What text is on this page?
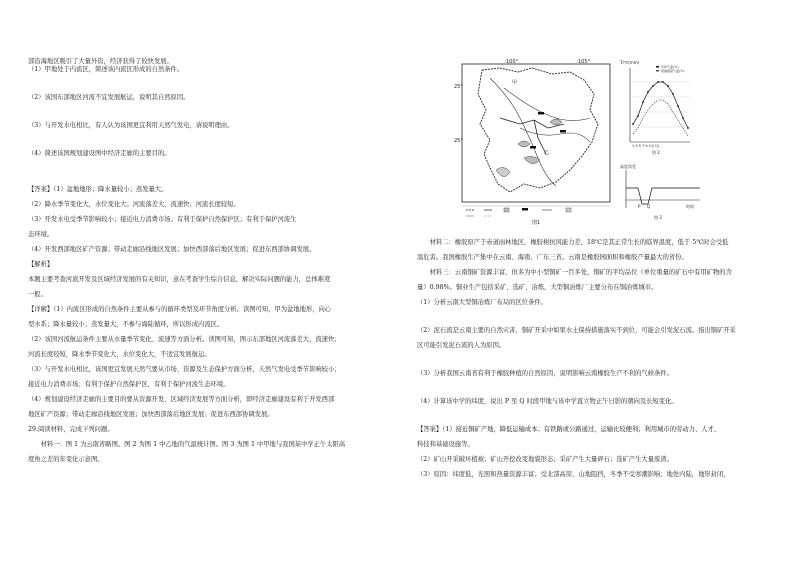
部沿海地区吸引了大量外资，经济获得了较快发展。

（1）甲地处于内流区，简述该内流区形成的自然条件。

（2）该国东部地区河流不宜发展航运，说明其自然原因。

（3）与开发水电相比，有人认为该国更宜利用天然气发电，请说明理由。

（4）简述该国规划建设图中经济走廊的主要目的。

【答案】（1）盆地地形；降水量较小；蒸发量大。

（2）降水季节变化大，水位变化大；河流落差大，流速快；河流长度较短。

（3）开发水电受季节影响较小；接近电力消费市场；有利于保护自然保护区；有利于保护河流生

态环境。

（4）开发西部地区矿产资源；带动走廊沿线地区发展；加快西部落后地区发展；促进东西部协调发展。

【解析】

本题主要考查河流开发及区域经济发展的有关知识，意在考查学生综合信息，解决实际问题的能力，总体难度

一般。

【详解】（1）内流区形成的自然条件主要从参与的循环类型及环节角度分析。读图可知，甲为盆地地形，向心

型水系；降水量较小；蒸发量大，不参与海陆循环，所以形成内流区。

（2）该国河流航运条件主要从水量季节变化、流速等方面分析。读图可知，图示东部地区河流落差大，流速快；

河流长度较短，降水季节变化大，水位变化大，不适宜发展航运。

（3）与开发水电相比，该国更宜发展天然气要从市场、资源及生态保护方面分析，天然气发电受季节影响较小；

接近电力消费市场；有利于保护自然保护区，有利于保护河流生态环境。

（4）规划建设经济走廊的主要目的要从资源开发、区域经济发展等方面分析，即经济走廊建设有利于开发西部

地区矿产资源；带动走廊沿线地区发展；加快西部落后地区发展；促进东西部协调发展。

29.阅读材料，完成下列问题。

材料一：图 1 为云南省略图。图 2 为图 1 中乙地的气温统计图。图 3 为图 1 中甲地与我国某中学正午太阳高

度角之差的年变化示意图。

100°	105°
25°
25°
甲
乙
图1
T/℃(mm)
平均气温(℃)
极端最高气温(℃)
1 3 5 7 9 11(月)
图 2
高度角差
P Q	时间
图 3

材料二：橡胶原产于赤道雨林地区，橡胶树抗风能力差，18℃是其正常生长的临界温度，低于 5℃时会受低

温危害。我国橡胶生产集中在云南、海南、广东三省。云南是橡胶园面积和橡胶产量最大的省份。

材料三：云南铜矿资源丰富，但多为中小型铜矿一百多处，铜矿的平均品位（单位重量的矿石中有用矿物的含

量）0.98%。铜业生产包括采矿、选矿、冶炼，大型铜冶炼厂主要分布在铜冶炼城市。

（1）分析云南大型铜冶炼厂布局的区位条件。

（2）泥石流是云南主要的自然灾害，铜矿开采中如果水土保持措施落实不到位，可能会引发泥石流。指出铜矿开采

区可能引发泥石流的人为原因。

（3）分析我国云南省有利于橡胶种植的自然原因，说明影响云南橡胶生产不利的气候条件。

（4）计算该中学的纬度，说出 P 至 Q 时段甲地与该中学直立物正午日影的朝向及长短变化。

【答案】（1）接近铜矿产地，降低运输成本；有铁路或公路通过，运输比较便利；利用城市的劳动力、人才、

科技和基础设施等。

（2）矿山开采破坏植被；矿山开挖改变地貌形态；采矿产生大量碎石；选矿产生大量废渣。

（3）原因：纬度低，光照和热量资源丰富；受北部高原，山地阻挡，冬季不受寒潮影响；地处内陆，地形封闭，
